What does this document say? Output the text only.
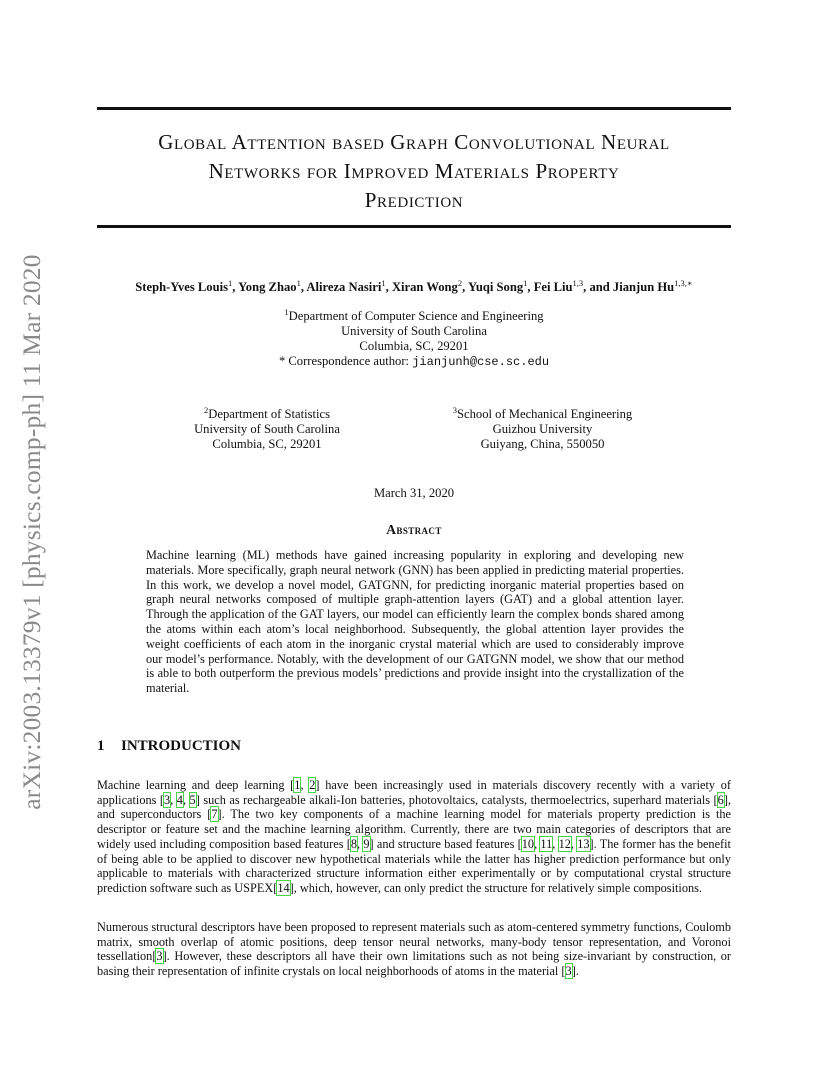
arXiv:2003.13379v1 [physics.comp-ph] 11 Mar 2020
Global Attention based Graph Convolutional Neural
Networks for Improved Materials Property
Prediction
Steph-Yves Louis$^1$, Yong Zhao$^1$, Alireza Nasiri$^1$, Xiran Wong$^2$, Yuqi Song$^1$, Fei Liu$^{1,3}$, and Jianjun $Hu^{1,3,∗}$
$^1$Department of Computer Science and Engineering
University of South Carolina
Columbia, SC, 29201
* Correspondence author: jianjunh@cse.sc.edu
$^2$Department of Statistics
University of South Carolina
Columbia, SC, 29201
$^3$School of Mechanical Engineering
Guizhou University
Guiyang, China, 550050
March 31, 2020
Abstract

Machine learning (ML) methods have gained increasing popularity in exploring and developing new materials. More specifically, graph neural network (GNN) has been applied in predicting material properties. In this work, we develop a novel model, GATGNN, for predicting inorganic material properties based on graph neural networks composed of multiple graph-attention layers (GAT) and a global attention layer. Through the application of the GAT layers, our model can efficiently learn the complex bonds shared among the atoms within each atom’s local neighborhood. Subsequently, the global attention layer provides the weight coefficients of each atom in the inorganic crystal material which are used to considerably improve our model’s performance. Notably, with the development of our GATGNN model, we show that our method is able to both outperform the previous models’ predictions and provide insight into the crystallization of the material.

1 INTRODUCTION

Machine learning and deep learning [1, 2] have been increasingly used in materials discovery recently with a variety of applications [3, 4, 5] such as rechargeable alkali-Ion batteries, photovoltaics, catalysts, thermoelectrics, superhard materials [6], and superconductors [7]. The two key components of a machine learning model for materials property prediction is the descriptor or feature set and the machine learning algorithm. Currently, there are two main categories of descriptors that are widely used including composition based features [8, 9] and structure based features [10, 11, 12, 13]. The former has the benefit of being able to be applied to discover new hypothetical materials while the latter has higher prediction performance but only applicable to materials with characterized structure information either experimentally or by computational crystal structure prediction software such as USPEX[14], which, however, can only predict the structure for relatively simple compositions.

Numerous structural descriptors have been proposed to represent materials such as atom-centered symmetry functions, Coulomb matrix, smooth overlap of atomic positions, deep tensor neural networks, many-body tensor representation, and Voronoi tessellation[3]. However, these descriptors all have their own limitations such as not being size-invariant by construction, or basing their representation of infinite crystals on local neighborhoods of atoms in the material [3].
